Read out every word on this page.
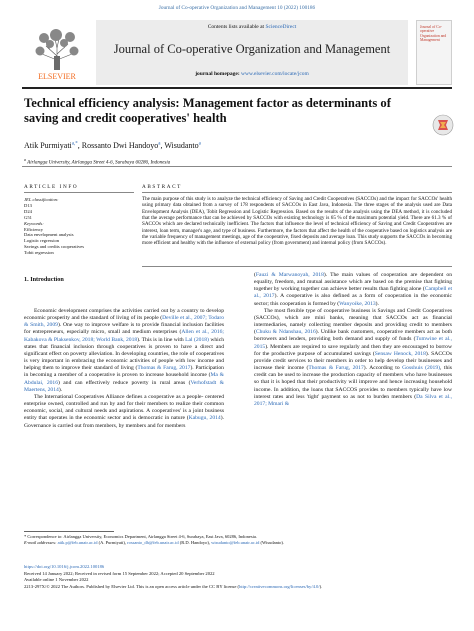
Journal of Co-operative Organization and Management 10 (2022) 100186
ELSEVIER
Contents lists available at ScienceDirect
Journal of Co-operative Organization and Management
journal homepage: www.elsevier.com/locate/jcom
Journal of Co-operative Organization and Management
Technical efficiency analysis: Management factor as determinants of saving and credit cooperatives' health
Atik Purmiyati$^{a,*}$, Rossanto Dwi Handoyo$^a$, Wisudanto$^a$
$^a$ Airlangga University, Airlangga Street 4-6, Surabaya 60286, Indonesia
ARTICLE INFO	ABSTRACT
JEL classification:
D13
D24
G51
Keywords:
Efficiency
Data envelopment analysis
Logistic regression
Savings and credits cooperatives
Tobit regression
The main purpose of this study is to analyze the technical efficiency of Saving and Credit Cooperatives (SACCOs) and the impact for SACCOs' health using primary data obtained from a survey of 178 respondents of SACCOs in East Java, Indonesia. The three stages of the analysis used are Data Envelopment Analysis (DEA), Tobit Regression and Logistic Regression. Based on the results of the analysis using the DEA method, it is concluded that the average performance that can be achieved by SACCOs with existing technology is 65 % of the maximum potential yield. There are 61.3 % of SACCOs which are declared technically inefficient. The factors that influence the level of technical efficiency of Saving and Credit Cooperatives are interest, loan term, manager's age, and type of business. Furthermore, the factors that affect the health of the cooperative based on logistics analysis are the variable frequency of management meetings, age of the cooperative, fixed deposits and average loan. This study supports the SACCOs in becoming more efficient and healthy with the influence of external policy (from government) and internal policy (from SACCOs).
1. Introduction

Economic development comprises the activities carried out by a country to develop economic prosperity and the standard of living of its people (Deville et al., 2007; Todaro & Smith, 2009). One way to improve welfare is to provide financial inclusion facilities for entrepreneurs, especially micro, small and medium enterprises (Allen et al., 2016; Kabakova & Plaksenkov, 2018; World Bank, 2018). This is in line with Lal (2018) which states that financial inclusion through cooperatives is proven to have a direct and significant effect on poverty alleviation. In developing countries, the role of cooperatives is very important in embracing the economic activities of people with low income and helping them to improve their standard of living (Thomas & Farug, 2017). Participation in becoming a member of a cooperative is proven to increase household income (Ma & Abdulai, 2016) and can effectively reduce poverty in rural areas (Verhofstadt & Maertens, 2014).

The International Cooperatives Alliance defines a cooperative as a people- centered enterprise owned, controlled and run by and for their members to realize their common economic, social, and cultural needs and aspirations. A cooperatives' is a joint business entity that operates in the economic sector and is democratic in nature (Kabugu, 2014). Governance is carried out from members, by members and for members

(Fauzi & Marwanoyah, 2018). The main values of cooperation are dependent on equality, freedom, and mutual assistance which are based on the premise that fighting together by working together can achieve better results than fighting alone (Campbell et al., 2017). A cooperative is also defined as a form of cooperation in the economic sector; this cooperation is formed by (Wanyoike, 2013).

The most flexible type of cooperative business is Savings and Credit Cooperatives (SACCOs), which are mini banks, meaning that SACCOs act as financial intermediaries, namely collecting member deposits and providing credit to members (Chuku & Ndanshau, 2016). Unlike bank customers, cooperative members act as both borrowers and lenders, providing both demand and supply of funds (Tumwine et al., 2015). Members are required to save regularly and then they are encouraged to borrow for the productive purpose of accumulated savings (Sensaw Henock, 2018). SACCOs provide credit services to their members in order to help develop their businesses and increase their income (Thomas & Farug, 2017). According to Gosshuis (2019), this credit can be used to increase the production capacity of members who have businesses so that it is hoped that their productivity will improve and hence increasing household income. In addition, the loans that SACCOS provides to members typically have low interest rates and less 'tight' payment so as not to burden members (Da Silva et al., 2017; Mmari &

* Correspondence to: Airlangga University, Economics Department, Airlangga Street 4-6, Surabaya, East Java, 60286, Indonesia.
E-mail addresses: atik.p@feb.unair.ac.id (A. Purmiyati), rossanto_dh@feb.unair.ac.id (R.D. Handoyo), wisudanto@feb.unair.ac.id (Wisudanto).
https://doi.org/10.1016/j.jcom.2022.100186
Received 14 January 2022; Received in revised form 15 September 2022; Accepted 20 September 2022
Available online 1 November 2022
2213-297X/© 2022 The Authors. Published by Elsevier Ltd. This is an open access article under the CC BY license (http://creativecommons.org/licenses/by/4.0/).
